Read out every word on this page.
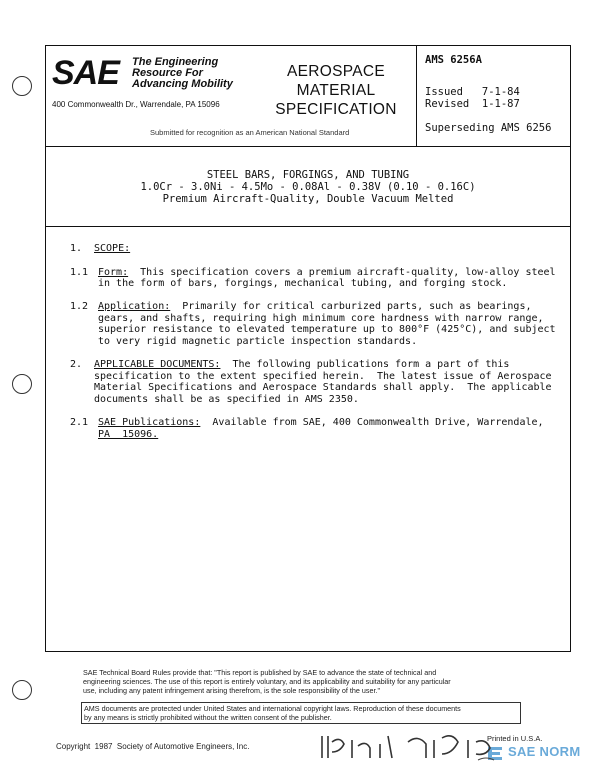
SAE The Engineering
Resource For
Advancing Mobility
400 Commonwealth Dr., Warrendale, PA 15096
AEROSPACE
MATERIAL
SPECIFICATION
Submitted for recognition as an American National Standard
AMS 6256A
Issued   7-1-84
Revised  1-1-87
Superseding AMS 6256
STEEL BARS, FORGINGS, AND TUBING
1.0Cr - 3.0Ni - 4.5Mo - 0.08Al - 0.38V (0.10 - 0.16C)
Premium Aircraft-Quality, Double Vacuum Melted
1. SCOPE:
1.1 Form:  This specification covers a premium aircraft-quality, low-alloy steel
in the form of bars, forgings, mechanical tubing, and forging stock.
1.2 Application:  Primarily for critical carburized parts, such as bearings,
gears, and shafts, requiring high minimum core hardness with narrow range,
superior resistance to elevated temperature up to 800°F (425°C), and subject
to very rigid magnetic particle inspection standards.
2. APPLICABLE DOCUMENTS:  The following publications form a part of this
specification to the extent specified herein.  The latest issue of Aerospace
Material Specifications and Aerospace Standards shall apply.  The applicable
documents shall be as specified in AMS 2350.
2.1 SAE Publications:  Available from SAE, 400 Commonwealth Drive, Warrendale,
PA  15096.
SAE Technical Board Rules provide that: "This report is published by SAE to advance the state of technical and
engineering sciences. The use of this report is entirely voluntary, and its applicability and suitability for any particular
use, including any patent infringement arising therefrom, is the sole responsibility of the user."
AMS documents are protected under United States and international copyright laws. Reproduction of these documents
by any means is strictly prohibited without the written consent of the publisher.
Copyright  1987  Society of Automotive Engineers, Inc.
Printed in U.S.A.
SAE NORM
